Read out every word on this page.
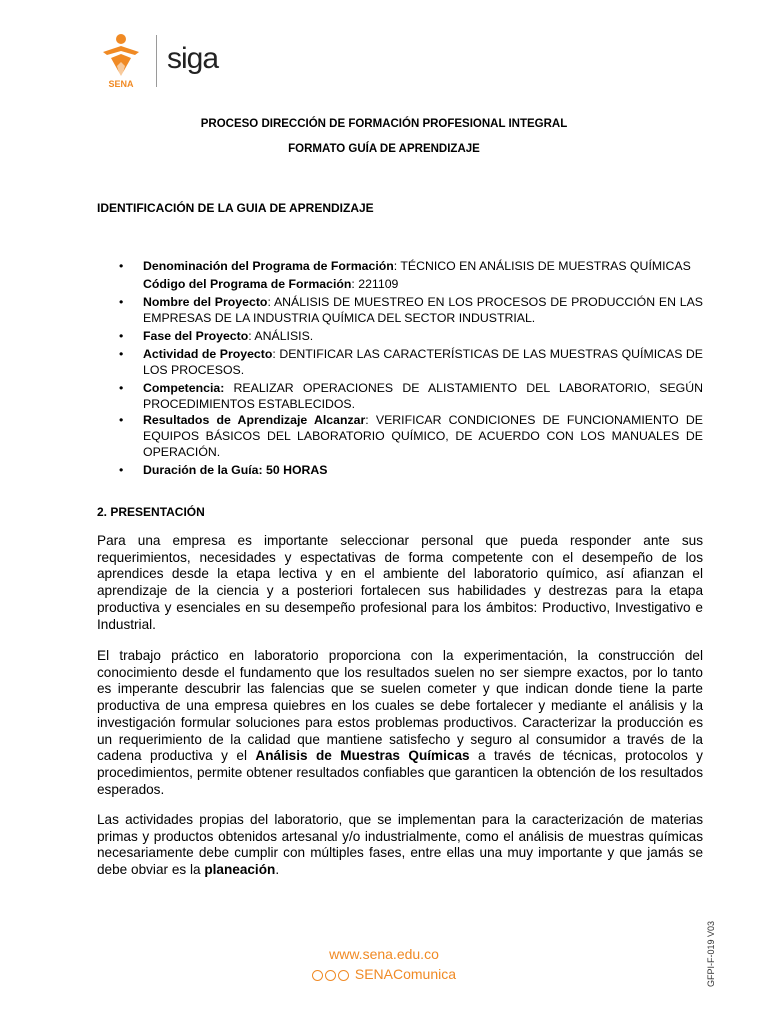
SENA
siga
PROCESO DIRECCIÓN DE FORMACIÓN PROFESIONAL INTEGRAL
FORMATO GUÍA DE APRENDIZAJE
IDENTIFICACIÓN DE LA GUIA DE APRENDIZAJE
• Denominación del Programa de Formación: TÉCNICO EN ANÁLISIS DE MUESTRAS QUÍMICAS
Código del Programa de Formación: 221109
• Nombre del Proyecto: ANÁLISIS DE MUESTREO EN LOS PROCESOS DE PRODUCCIÓN EN LAS EMPRESAS DE LA INDUSTRIA QUÍMICA DEL SECTOR INDUSTRIAL.
• Fase del Proyecto: ANÁLISIS.
• Actividad de Proyecto: DENTIFICAR LAS CARACTERÍSTICAS DE LAS MUESTRAS QUÍMICAS DE LOS PROCESOS.
• Competencia: REALIZAR OPERACIONES DE ALISTAMIENTO DEL LABORATORIO, SEGÚN PROCEDIMIENTOS ESTABLECIDOS.
• Resultados de Aprendizaje Alcanzar: VERIFICAR CONDICIONES DE FUNCIONAMIENTO DE EQUIPOS BÁSICOS DEL LABORATORIO QUÍMICO, DE ACUERDO CON LOS MANUALES DE OPERACIÓN.
• Duración de la Guía: 50 HORAS
2. PRESENTACIÓN

Para una empresa es importante seleccionar personal que pueda responder ante sus requerimientos, necesidades y espectativas de forma competente con el desempeño de los aprendices desde la etapa lectiva y en el ambiente del laboratorio químico, así afianzan el aprendizaje de la ciencia y a posteriori fortalecen sus habilidades y destrezas para la etapa productiva y esenciales en su desempeño profesional para los ámbitos: Productivo, Investigativo e Industrial.

El trabajo práctico en laboratorio proporciona con la experimentación, la construcción del conocimiento desde el fundamento que los resultados suelen no ser siempre exactos, por lo tanto es imperante descubrir las falencias que se suelen cometer y que indican donde tiene la parte productiva de una empresa quiebres en los cuales se debe fortalecer y mediante el análisis y la investigación formular soluciones para estos problemas productivos. Caracterizar la producción es un requerimiento de la calidad que mantiene satisfecho y seguro al consumidor a través de la cadena productiva y el Análisis de Muestras Químicas a través de técnicas, protocolos y procedimientos, permite obtener resultados confiables que garanticen la obtención de los resultados esperados.

Las actividades propias del laboratorio, que se implementan para la caracterización de materias primas y productos obtenidos artesanal y/o industrialmente, como el análisis de muestras químicas necesariamente debe cumplir con múltiples fases, entre ellas una muy importante y que jamás se debe obviar es la planeación.

www.sena.edu.co
SENAComunica	GFPI-F-019 V03
